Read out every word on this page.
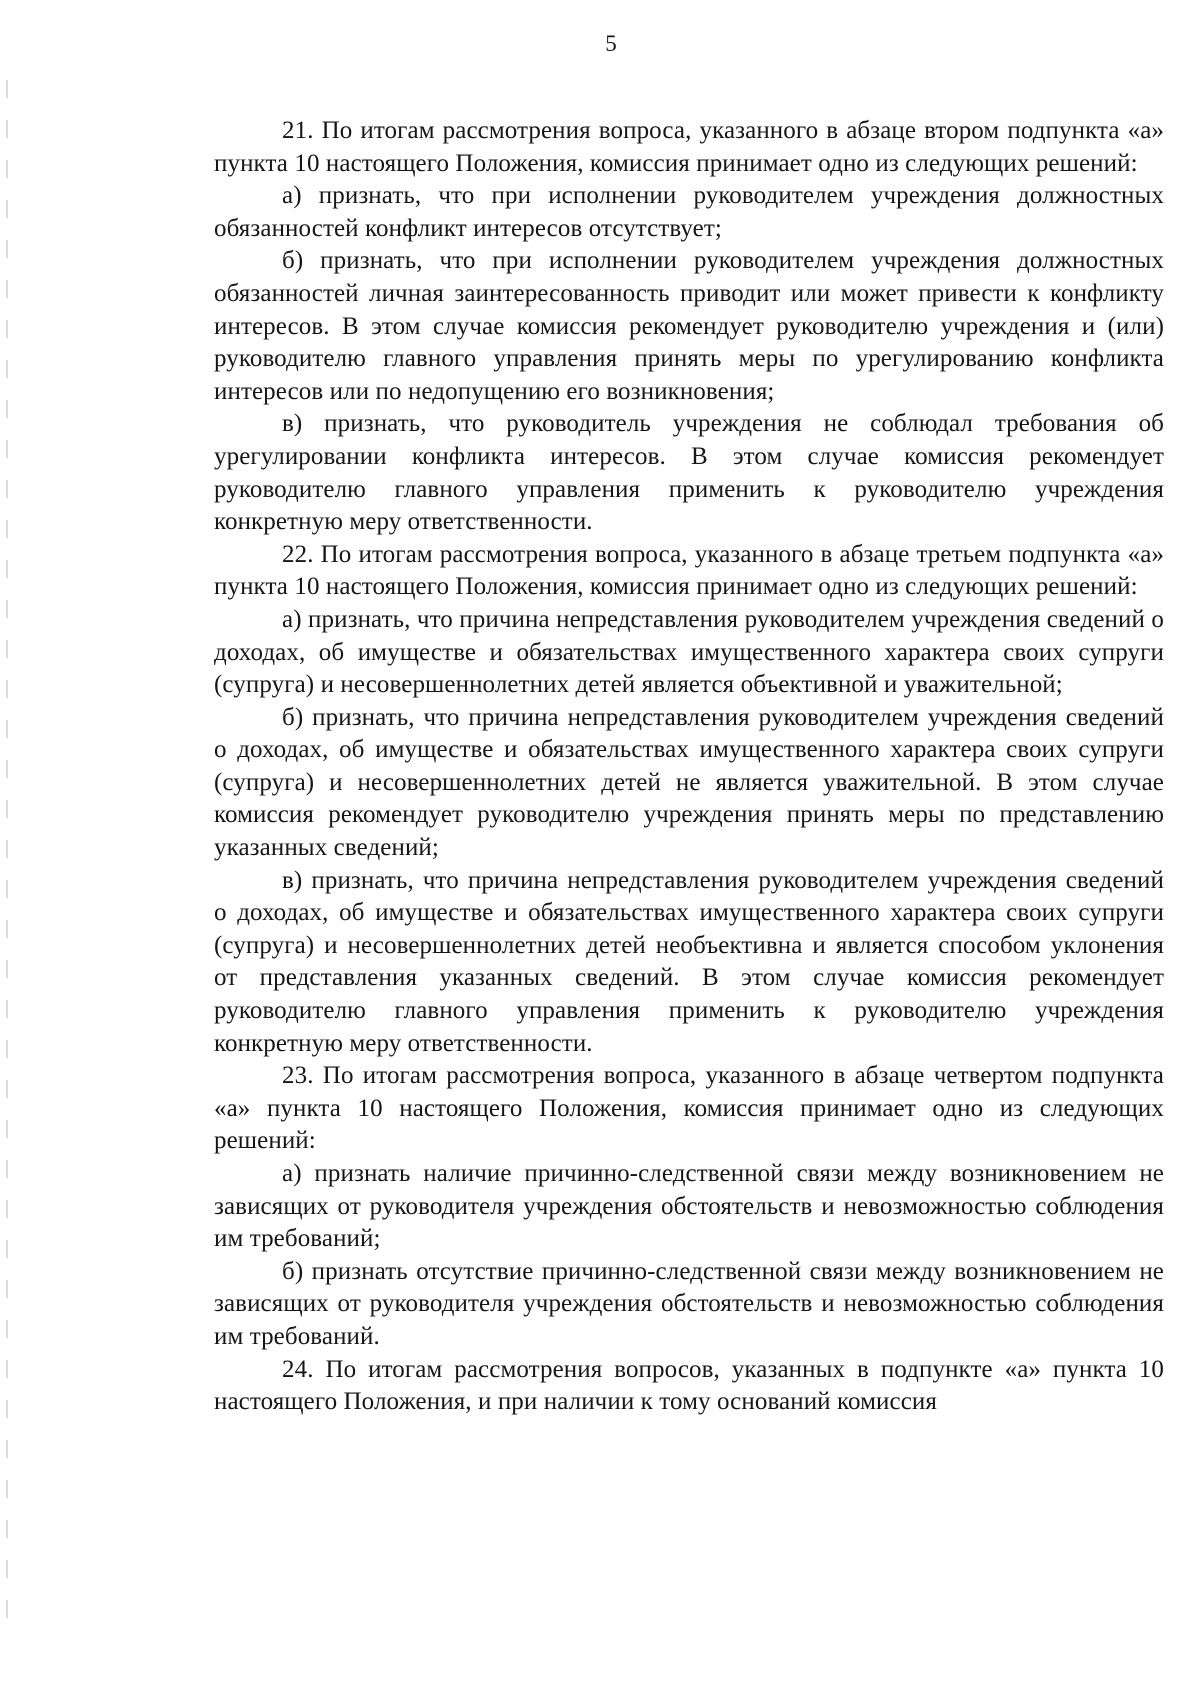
5

21. По итогам рассмотрения вопроса, указанного в абзаце втором подпункта «а» пункта 10 настоящего Положения, комиссия принимает одно из следующих решений:

а) признать, что при исполнении руководителем учреждения должностных обязанностей конфликт интересов отсутствует;

б) признать, что при исполнении руководителем учреждения должностных обязанностей личная заинтересованность приводит или может привести к конфликту интересов. В этом случае комиссия рекомендует руководителю учреждения и (или) руководителю главного управления принять меры по урегулированию конфликта интересов или по недопущению его возникновения;

в) признать, что руководитель учреждения не соблюдал требования об урегулировании конфликта интересов. В этом случае комиссия рекомендует руководителю главного управления применить к руководителю учреждения конкретную меру ответственности.

22. По итогам рассмотрения вопроса, указанного в абзаце третьем подпункта «а» пункта 10 настоящего Положения, комиссия принимает одно из следующих решений:

а) признать, что причина непредставления руководителем учреждения сведений о доходах, об имуществе и обязательствах имущественного характера своих супруги (супруга) и несовершеннолетних детей является объективной и уважительной;

б) признать, что причина непредставления руководителем учреждения сведений о доходах, об имуществе и обязательствах имущественного характера своих супруги (супруга) и несовершеннолетних детей не является уважительной. В этом случае комиссия рекомендует руководителю учреждения принять меры по представлению указанных сведений;

в) признать, что причина непредставления руководителем учреждения сведений о доходах, об имуществе и обязательствах имущественного характера своих супруги (супруга) и несовершеннолетних детей необъективна и является способом уклонения от представления указанных сведений. В этом случае комиссия рекомендует руководителю главного управления применить к руководителю учреждения конкретную меру ответственности.

23. По итогам рассмотрения вопроса, указанного в абзаце четвертом подпункта «а» пункта 10 настоящего Положения, комиссия принимает одно из следующих решений:

а) признать наличие причинно-следственной связи между возникновением не зависящих от руководителя учреждения обстоятельств и невозможностью соблюдения им требований;

б) признать отсутствие причинно-следственной связи между возникновением не зависящих от руководителя учреждения обстоятельств и невозможностью соблюдения им требований.

24. По итогам рассмотрения вопросов, указанных в подпункте «а» пункта 10 настоящего Положения, и при наличии к тому оснований комиссия
